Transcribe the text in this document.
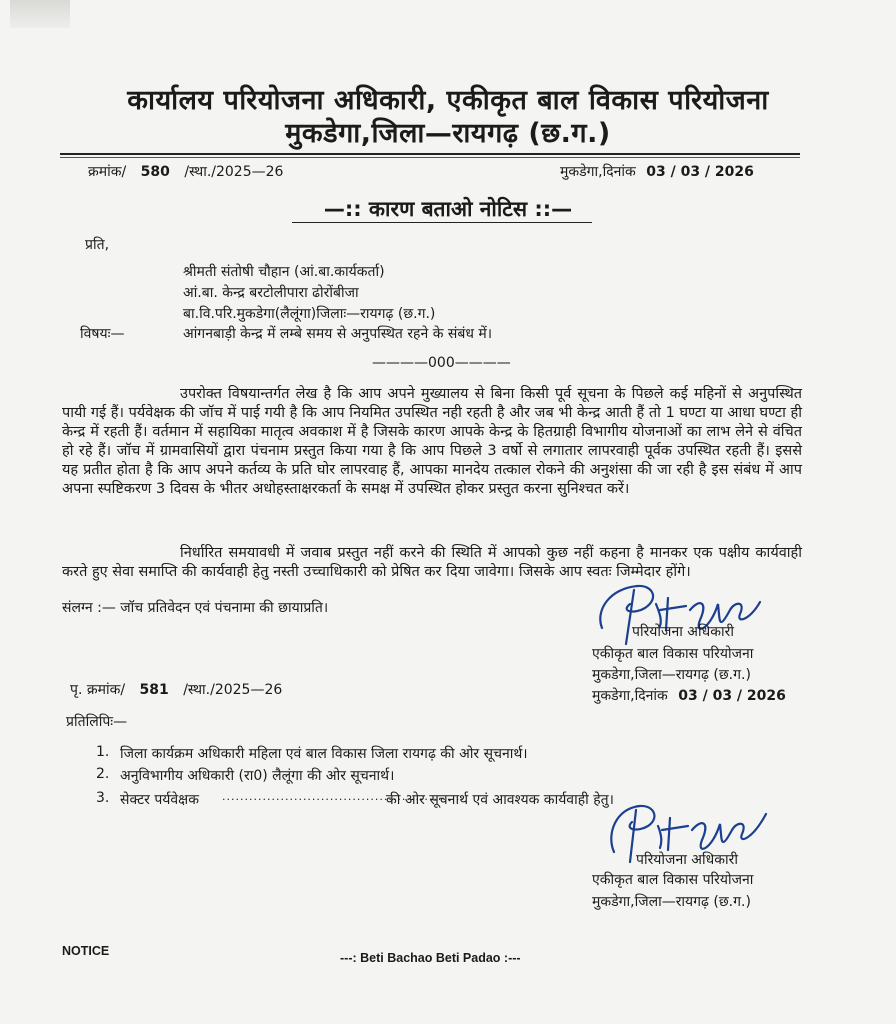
कार्यालय परियोजना अधिकारी, एकीकृत बाल विकास परियोजना
मुकडेगा,जिला—रायगढ़ (छ.ग.)
क्रमांक/ 580 /स्था./2025—26	मुकडेगा,दिनांक 03 / 03 / 2026
—:: कारण बताओ नोटिस ::—
प्रति,
श्रीमती संतोषी चौहान (आं.बा.कार्यकर्ता)
आं.बा. केन्द्र बरटोलीपारा ढोरोंबीजा
बा.वि.परि.मुकडेगा(लैलूंगा)जिलाः—रायगढ़ (छ.ग.)
विषयः—	आंगनबाड़ी केन्द्र में लम्बे समय से अनुपस्थित रहने के संबंध में।
————000————
उपरोक्त विषयान्तर्गत लेख है कि आप अपने मुख्यालय से बिना किसी पूर्व सूचना के पिछले कई महिनों से अनुपस्थित पायी गई हैं। पर्यवेक्षक की जॉच में पाई गयी है कि आप नियमित उपस्थित नही रहती है और जब भी केन्द्र आती हैं तो 1 घण्टा या आधा घण्टा ही केन्द्र में रहती हैं। वर्तमान में सहायिका मातृत्व अवकाश में है जिसके कारण आपके केन्द्र के हितग्राही विभागीय योजनाओं का लाभ लेने से वंचित हो रहे हैं। जॉच में ग्रामवासियों द्वारा पंचनाम प्रस्तुत किया गया है कि आप पिछले 3 वर्षो से लगातार लापरवाही पूर्वक उपस्थित रहती हैं। इससे यह प्रतीत होता है कि आप अपने कर्तव्य के प्रति घोर लापरवाह हैं, आपका मानदेय तत्काल रोकने की अनुशंसा की जा रही है इस संबंध में आप अपना स्पष्टिकरण 3 दिवस के भीतर अधोहस्ताक्षरकर्ता के समक्ष में उपस्थित होकर प्रस्तुत करना सुनिश्चत करें।
निर्धारित समयावधी में जवाब प्रस्तुत नहीं करने की स्थिति में आपको कुछ नहीं कहना है मानकर एक पक्षीय कार्यवाही करते हुए सेवा समाप्ति की कार्यवाही हेतु नस्ती उच्चाधिकारी को प्रेषित कर दिया जावेगा। जिसके आप स्वतः जिम्मेदार होंगे।
संलग्न :— जॉच प्रतिवेदन एवं पंचनामा की छायाप्रति।
परियोजना अधिकारी
एकीकृत बाल विकास परियोजना
मुकडेगा,जिला—रायगढ़ (छ.ग.)
पृ. क्रमांक/ 581 /स्था./2025—26	मुकडेगा,दिनांक 03 / 03 / 2026
प्रतिलिपिः—
1. जिला कार्यक्रम अधिकारी महिला एवं बाल विकास जिला रायगढ़ की ओर सूचनार्थ।
2. अनुविभागीय अधिकारी (रा0) लैलूंगा की ओर सूचनार्थ।
3. सेक्टर पर्यवेक्षक ......................................................
की ओर सूचनार्थ एवं आवश्यक कार्यवाही हेतु।
परियोजना अधिकारी
एकीकृत बाल विकास परियोजना
मुकडेगा,जिला—रायगढ़ (छ.ग.)
NOTICE	---: Beti Bachao Beti Padao :---
